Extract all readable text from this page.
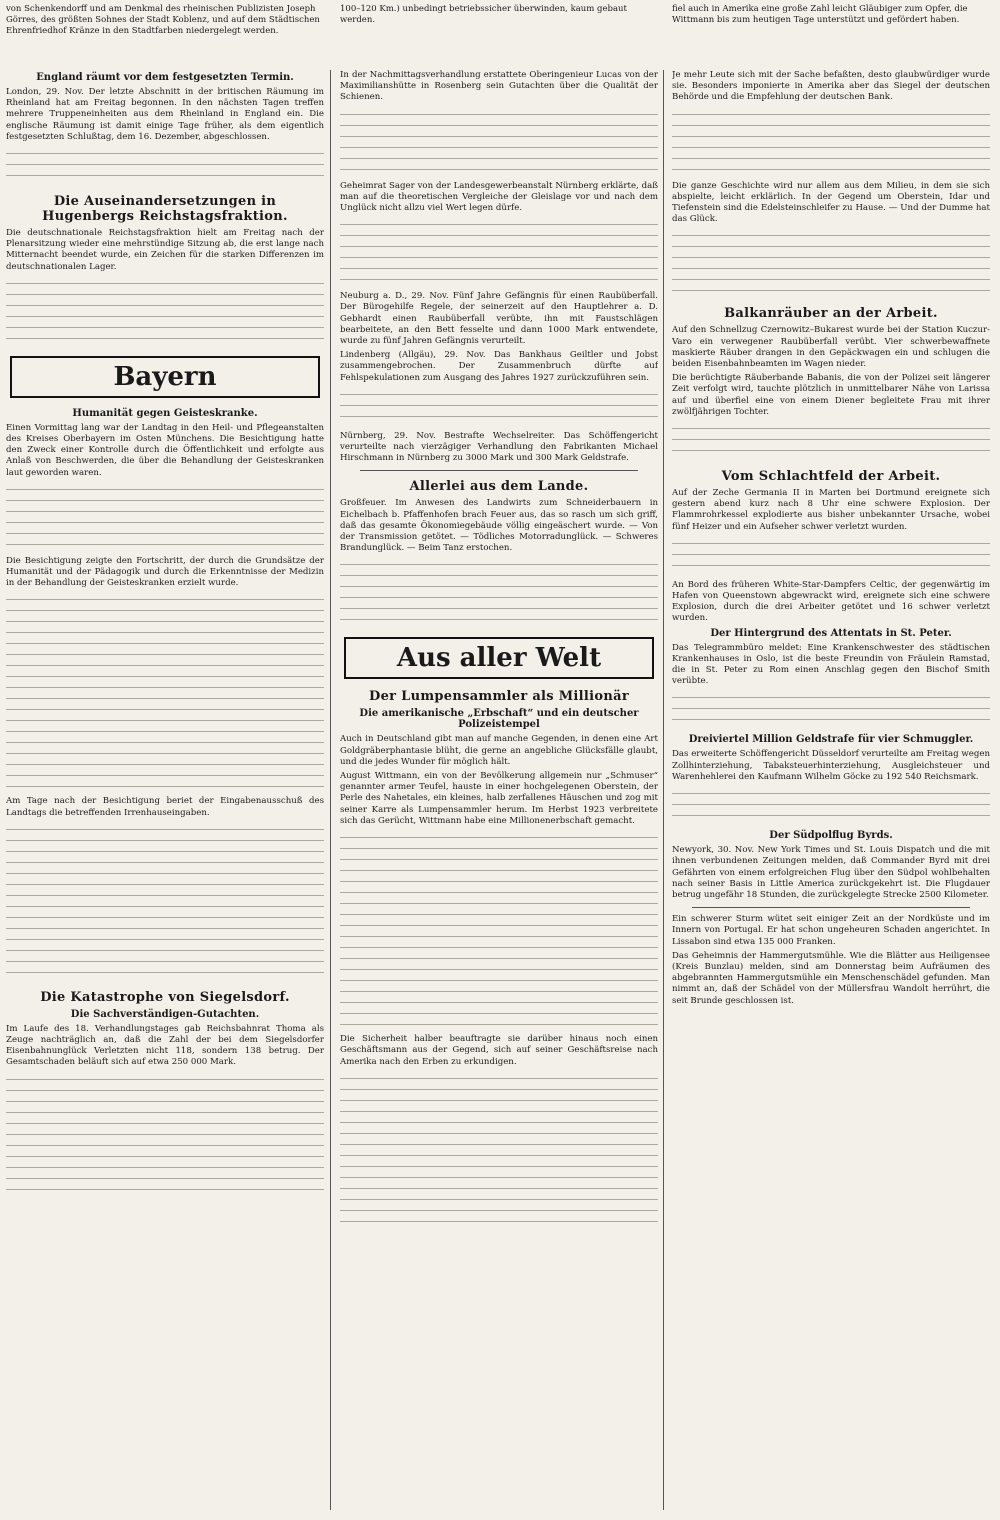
von Schenkendorff und am Denkmal des rheinischen Publizisten Joseph Görres, des größten Sohnes der Stadt Koblenz, und auf dem Städtischen Ehrenfriedhof Kränze in den Stadtfarben niedergelegt werden.
100–120 Km.) unbedingt betriebssicher überwinden, kaum gebaut werden.
fiel auch in Amerika eine große Zahl leicht Gläubiger zum Opfer, die Wittmann bis zum heutigen Tage unterstützt und gefördert haben.
England räumt vor dem festgesetzten Termin.

London, 29. Nov. Der letzte Abschnitt in der britischen Räumung im Rheinland hat am Freitag begonnen. In den nächsten Tagen treffen mehrere Truppeneinheiten aus dem Rheinland in England ein. Die englische Räumung ist damit einige Tage früher, als dem eigentlich festgesetzten Schlußtag, dem 16. Dezember, abgeschlossen.

Die Auseinandersetzungen in Hugenbergs Reichstagsfraktion.

Die deutschnationale Reichstagsfraktion hielt am Freitag nach der Plenarsitzung wieder eine mehrstündige Sitzung ab, die erst lange nach Mitternacht beendet wurde, ein Zeichen für die starken Differenzen im deutschnationalen Lager.

Bayern
Humanität gegen Geisteskranke.

Einen Vormittag lang war der Landtag in den Heil- und Pflegeanstalten des Kreises Oberbayern im Osten Münchens. Die Besichtigung hatte den Zweck einer Kontrolle durch die Öffentlichkeit und erfolgte aus Anlaß von Beschwerden, die über die Behandlung der Geisteskranken laut geworden waren.

Die Besichtigung zeigte den Fortschritt, der durch die Grundsätze der Humanität und der Pädagogik und durch die Erkenntnisse der Medizin in der Behandlung der Geisteskranken erzielt wurde.

Am Tage nach der Besichtigung beriet der Eingabenausschuß des Landtags die betreffenden Irrenhauseingaben.

Die Katastrophe von Siegelsdorf.
Die Sachverständigen-Gutachten.

Im Laufe des 18. Verhandlungstages gab Reichsbahnrat Thoma als Zeuge nachträglich an, daß die Zahl der bei dem Siegelsdorfer Eisenbahnunglück Verletzten nicht 118, sondern 138 betrug. Der Gesamtschaden beläuft sich auf etwa 250 000 Mark.

In der Nachmittagsverhandlung erstattete Oberingenieur Lucas von der Maximilianshütte in Rosenberg sein Gutachten über die Qualität der Schienen.

Geheimrat Sager von der Landesgewerbeanstalt Nürnberg erklärte, daß man auf die theoretischen Vergleiche der Gleislage vor und nach dem Unglück nicht allzu viel Wert legen dürfe.

Neuburg a. D., 29. Nov. Fünf Jahre Gefängnis für einen Raubüberfall. Der Bürogehilfe Regele, der seinerzeit auf den Hauptlehrer a. D. Gebhardt einen Raubüberfall verübte, ihn mit Faustschlägen bearbeitete, an den Bett fesselte und dann 1000 Mark entwendete, wurde zu fünf Jahren Gefängnis verurteilt.

Lindenberg (Allgäu), 29. Nov. Das Bankhaus Geiltler und Jobst zusammengebrochen. Der Zusammenbruch dürfte auf Fehlspekulationen zum Ausgang des Jahres 1927 zurückzuführen sein.

Nürnberg, 29. Nov. Bestrafte Wechselreiter. Das Schöffengericht verurteilte nach vierzägiger Verhandlung den Fabrikanten Michael Hirschmann in Nürnberg zu 3000 Mark und 300 Mark Geldstrafe.

Allerlei aus dem Lande.

Großfeuer. Im Anwesen des Landwirts zum Schneiderbauern in Eichelbach b. Pfaffenhofen brach Feuer aus, das so rasch um sich griff, daß das gesamte Ökonomiegebäude völlig eingeäschert wurde. — Von der Transmission getötet. — Tödliches Motorradunglück. — Schweres Brandunglück. — Beim Tanz erstochen.

Aus aller Welt
Der Lumpensammler als Millionär
Die amerikanische „Erbschaft“ und ein deutscher Polizeistempel

Auch in Deutschland gibt man auf manche Gegenden, in denen eine Art Goldgräberphantasie blüht, die gerne an angebliche Glücksfälle glaubt, und die jedes Wunder für möglich hält.

August Wittmann, ein von der Bevölkerung allgemein nur „Schmuser“ genannter armer Teufel, hauste in einer hochgelegenen Oberstein, der Perle des Nahetales, ein kleines, halb zerfallenes Häuschen und zog mit seiner Karre als Lumpensammler herum. Im Herbst 1923 verbreitete sich das Gerücht, Wittmann habe eine Millionenerbschaft gemacht.

Die Sicherheit halber beauftragte sie darüber hinaus noch einen Geschäftsmann aus der Gegend, sich auf seiner Geschäftsreise nach Amerika nach den Erben zu erkundigen.

Je mehr Leute sich mit der Sache befaßten, desto glaubwürdiger wurde sie. Besonders imponierte in Amerika aber das Siegel der deutschen Behörde und die Empfehlung der deutschen Bank.

Die ganze Geschichte wird nur allem aus dem Milieu, in dem sie sich abspielte, leicht erklärlich. In der Gegend um Oberstein, Idar und Tiefenstein sind die Edelsteinschleifer zu Hause. — Und der Dumme hat das Glück.

Balkanräuber an der Arbeit.

Auf den Schnellzug Czernowitz–Bukarest wurde bei der Station Kuczur-Varo ein verwegener Raubüberfall verübt. Vier schwerbewaffnete maskierte Räuber drangen in den Gepäckwagen ein und schlugen die beiden Eisenbahnbeamten im Wagen nieder.

Die berüchtigte Räuberbande Babanis, die von der Polizei seit längerer Zeit verfolgt wird, tauchte plötzlich in unmittelbarer Nähe von Larissa auf und überfiel eine von einem Diener begleitete Frau mit ihrer zwölfjährigen Tochter.

Vom Schlachtfeld der Arbeit.

Auf der Zeche Germania II in Marten bei Dortmund ereignete sich gestern abend kurz nach 8 Uhr eine schwere Explosion. Der Flammrohrkessel explodierte aus bisher unbekannter Ursache, wobei fünf Heizer und ein Aufseher schwer verletzt wurden.

An Bord des früheren White-Star-Dampfers Celtic, der gegenwärtig im Hafen von Queenstown abgewrackt wird, ereignete sich eine schwere Explosion, durch die drei Arbeiter getötet und 16 schwer verletzt wurden.

Der Hintergrund des Attentats in St. Peter.

Das Telegrammbüro meldet: Eine Krankenschwester des städtischen Krankenhauses in Oslo, ist die beste Freundin von Fräulein Ramstad, die in St. Peter zu Rom einen Anschlag gegen den Bischof Smith verübte.

Dreiviertel Million Geldstrafe für vier Schmuggler.

Das erweiterte Schöffengericht Düsseldorf verurteilte am Freitag wegen Zollhinterziehung, Tabaksteuerhinterziehung, Ausgleichsteuer und Warenhehlerei den Kaufmann Wilhelm Göcke zu 192 540 Reichsmark.

Der Südpolflug Byrds.

Newyork, 30. Nov. New York Times und St. Louis Dispatch und die mit ihnen verbundenen Zeitungen melden, daß Commander Byrd mit drei Gefährten von einem erfolgreichen Flug über den Südpol wohlbehalten nach seiner Basis in Little America zurückgekehrt ist. Die Flugdauer betrug ungefähr 18 Stunden, die zurückgelegte Strecke 2500 Kilometer.

Ein schwerer Sturm wütet seit einiger Zeit an der Nordküste und im Innern von Portugal. Er hat schon ungeheuren Schaden angerichtet. In Lissabon sind etwa 135 000 Franken.

Das Geheimnis der Hammergutsmühle. Wie die Blätter aus Heiligensee (Kreis Bunzlau) melden, sind am Donnerstag beim Aufräumen des abgebrannten Hammergutsmühle ein Menschenschädel gefunden. Man nimmt an, daß der Schädel von der Müllersfrau Wandolt herrührt, die seit Brunde geschlossen ist.
